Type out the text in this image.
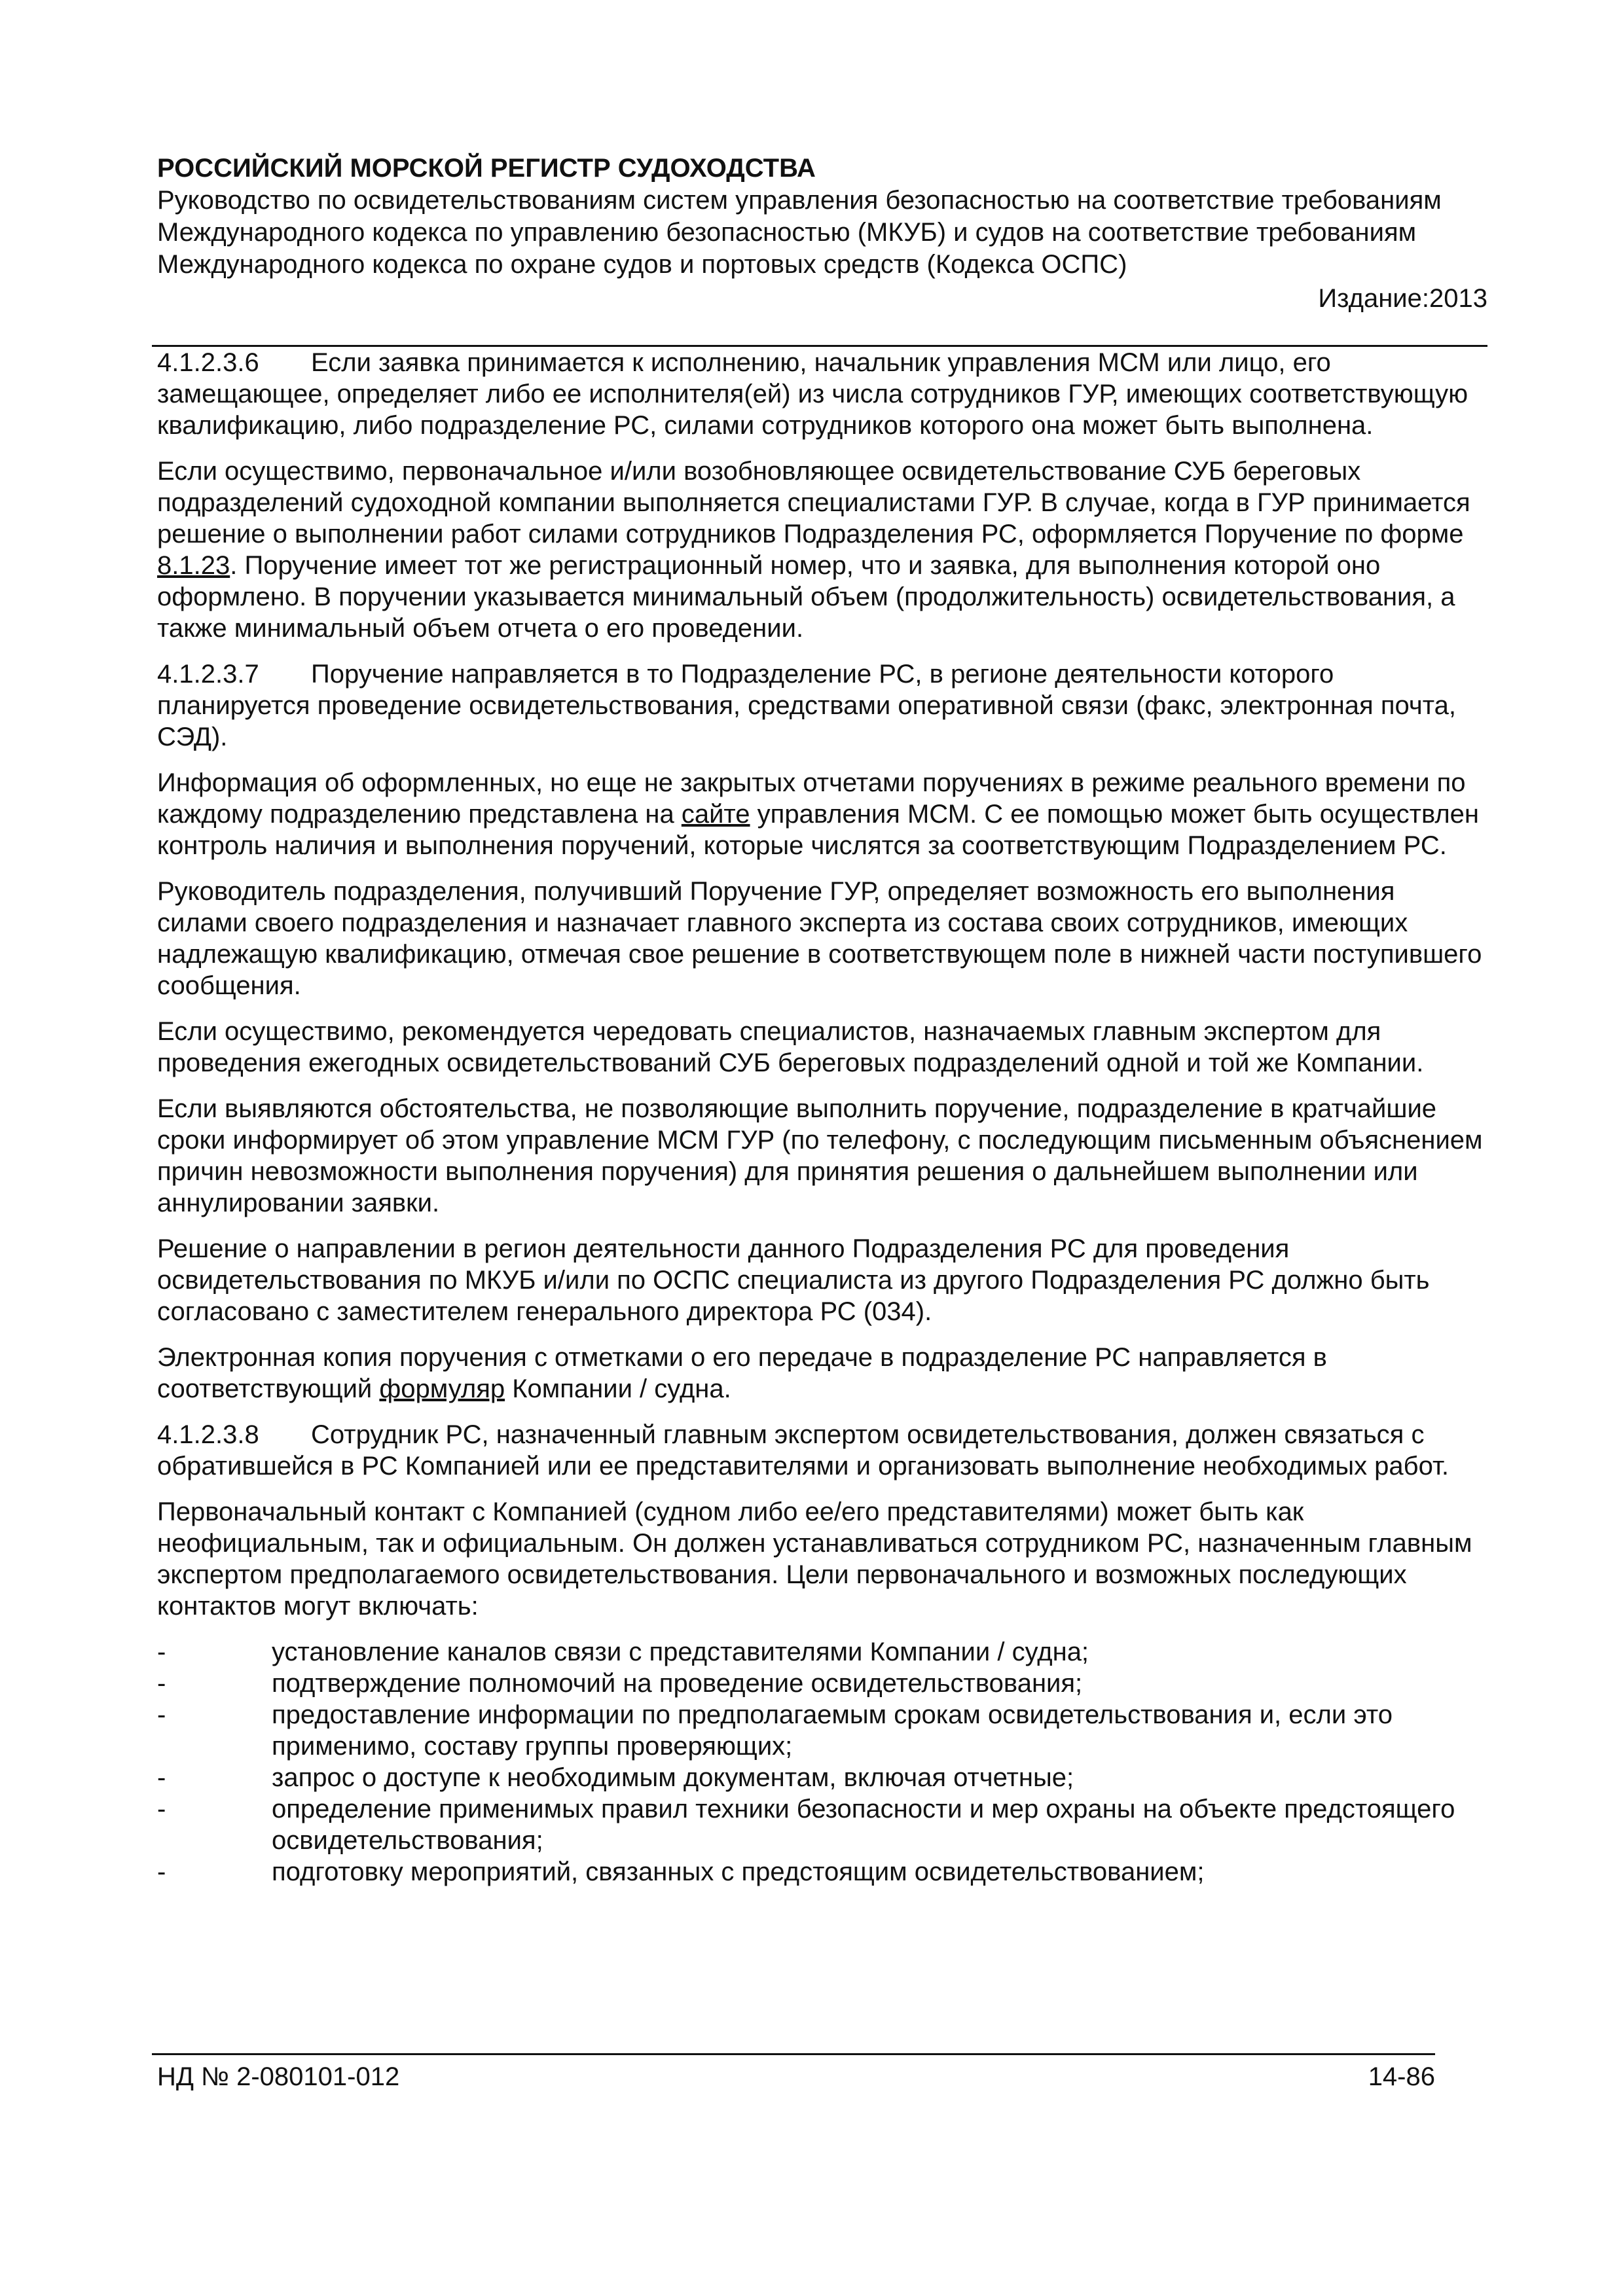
РОССИЙСКИЙ МОРСКОЙ РЕГИСТР СУДОХОДСТВА

Руководство по освидетельствованиям систем управления безопасностью на соответствие требованиям Международного кодекса по управлению безопасностью (МКУБ) и судов на соответствие требованиям Международного кодекса по охране судов и портовых средств (Кодекса ОСПС)

Издание:2013

4.1.2.3.6 Если заявка принимается к исполнению, начальник управления МСМ или лицо, его замещающее, определяет либо ее исполнителя(ей) из числа сотрудников ГУР, имеющих соответствующую квалификацию, либо подразделение РС, силами сотрудников которого она может быть выполнена.

Если осуществимо, первоначальное и/или возобновляющее освидетельствование СУБ береговых подразделений судоходной компании выполняется специалистами ГУР. В случае, когда в ГУР принимается решение о выполнении работ силами сотрудников Подразделения РС, оформляется Поручение по форме 8.1.23. Поручение имеет тот же регистрационный номер, что и заявка, для выполнения которой оно оформлено. В поручении указывается минимальный объем (продолжительность) освидетельствования, а также минимальный объем отчета о его проведении.

4.1.2.3.7 Поручение направляется в то Подразделение РС, в регионе деятельности которого планируется проведение освидетельствования, средствами оперативной связи (факс, электронная почта, СЭД).

Информация об оформленных, но еще не закрытых отчетами поручениях в режиме реального времени по каждому подразделению представлена на сайте управления МСМ. С ее помощью может быть осуществлен контроль наличия и выполнения поручений, которые числятся за соответствующим Подразделением РС.

Руководитель подразделения, получивший Поручение ГУР, определяет возможность его выполнения силами своего подразделения и назначает главного эксперта из состава своих сотрудников, имеющих надлежащую квалификацию, отмечая свое решение в соответствующем поле в нижней части поступившего сообщения.

Если осуществимо, рекомендуется чередовать специалистов, назначаемых главным экспертом для проведения ежегодных освидетельствований СУБ береговых подразделений одной и той же Компании.

Если выявляются обстоятельства, не позволяющие выполнить поручение, подразделение в кратчайшие сроки информирует об этом управление МСМ ГУР (по телефону, с последующим письменным объяснением причин невозможности выполнения поручения) для принятия решения о дальнейшем выполнении или аннулировании заявки.

Решение о направлении в регион деятельности данного Подразделения РС для проведения освидетельствования по МКУБ и/или по ОСПС специалиста из другого Подразделения РС должно быть согласовано с заместителем генерального директора РС (034).

Электронная копия поручения с отметками о его передаче в подразделение РС направляется в соответствующий формуляр Компании / судна.

4.1.2.3.8 Сотрудник РС, назначенный главным экспертом освидетельствования, должен связаться с обратившейся в РС Компанией или ее представителями и организовать выполнение необходимых работ.

Первоначальный контакт с Компанией (судном либо ее/его представителями) может быть как неофициальным, так и официальным. Он должен устанавливаться сотрудником РС, назначенным главным экспертом предполагаемого освидетельствования. Цели первоначального и возможных последующих контактов могут включать:

-	установление каналов связи с представителями Компании / судна;
-	подтверждение полномочий на проведение освидетельствования;
-	предоставление информации по предполагаемым срокам освидетельствования и, если это применимо, составу группы проверяющих;
-	запрос о доступе к необходимым документам, включая отчетные;
-	определение применимых правил техники безопасности и мер охраны на объекте предстоящего освидетельствования;
-	подготовку мероприятий, связанных с предстоящим освидетельствованием;
НД № 2-080101-012	14-86
